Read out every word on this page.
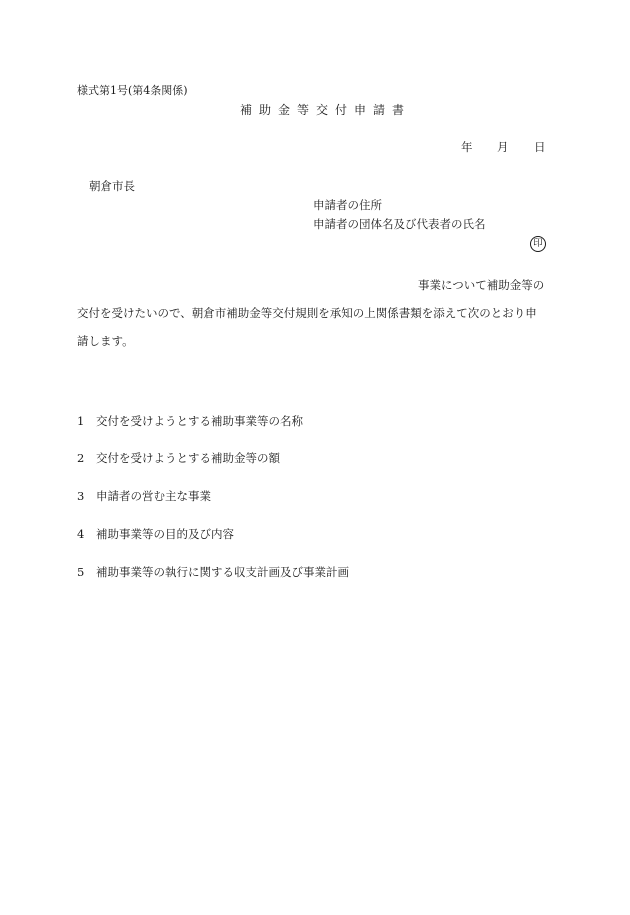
様式第1号(第4条関係)
補助金等交付申請書
年 月 日
朝倉市長
申請者の住所
申請者の団体名及び代表者の氏名
印
事業について補助金等の
交付を受けたいので、朝倉市補助金等交付規則を承知の上関係書類を添えて次のとおり申
請します。
1 交付を受けようとする補助事業等の名称
2 交付を受けようとする補助金等の額
3 申請者の営む主な事業
4 補助事業等の目的及び内容
5 補助事業等の執行に関する収支計画及び事業計画
